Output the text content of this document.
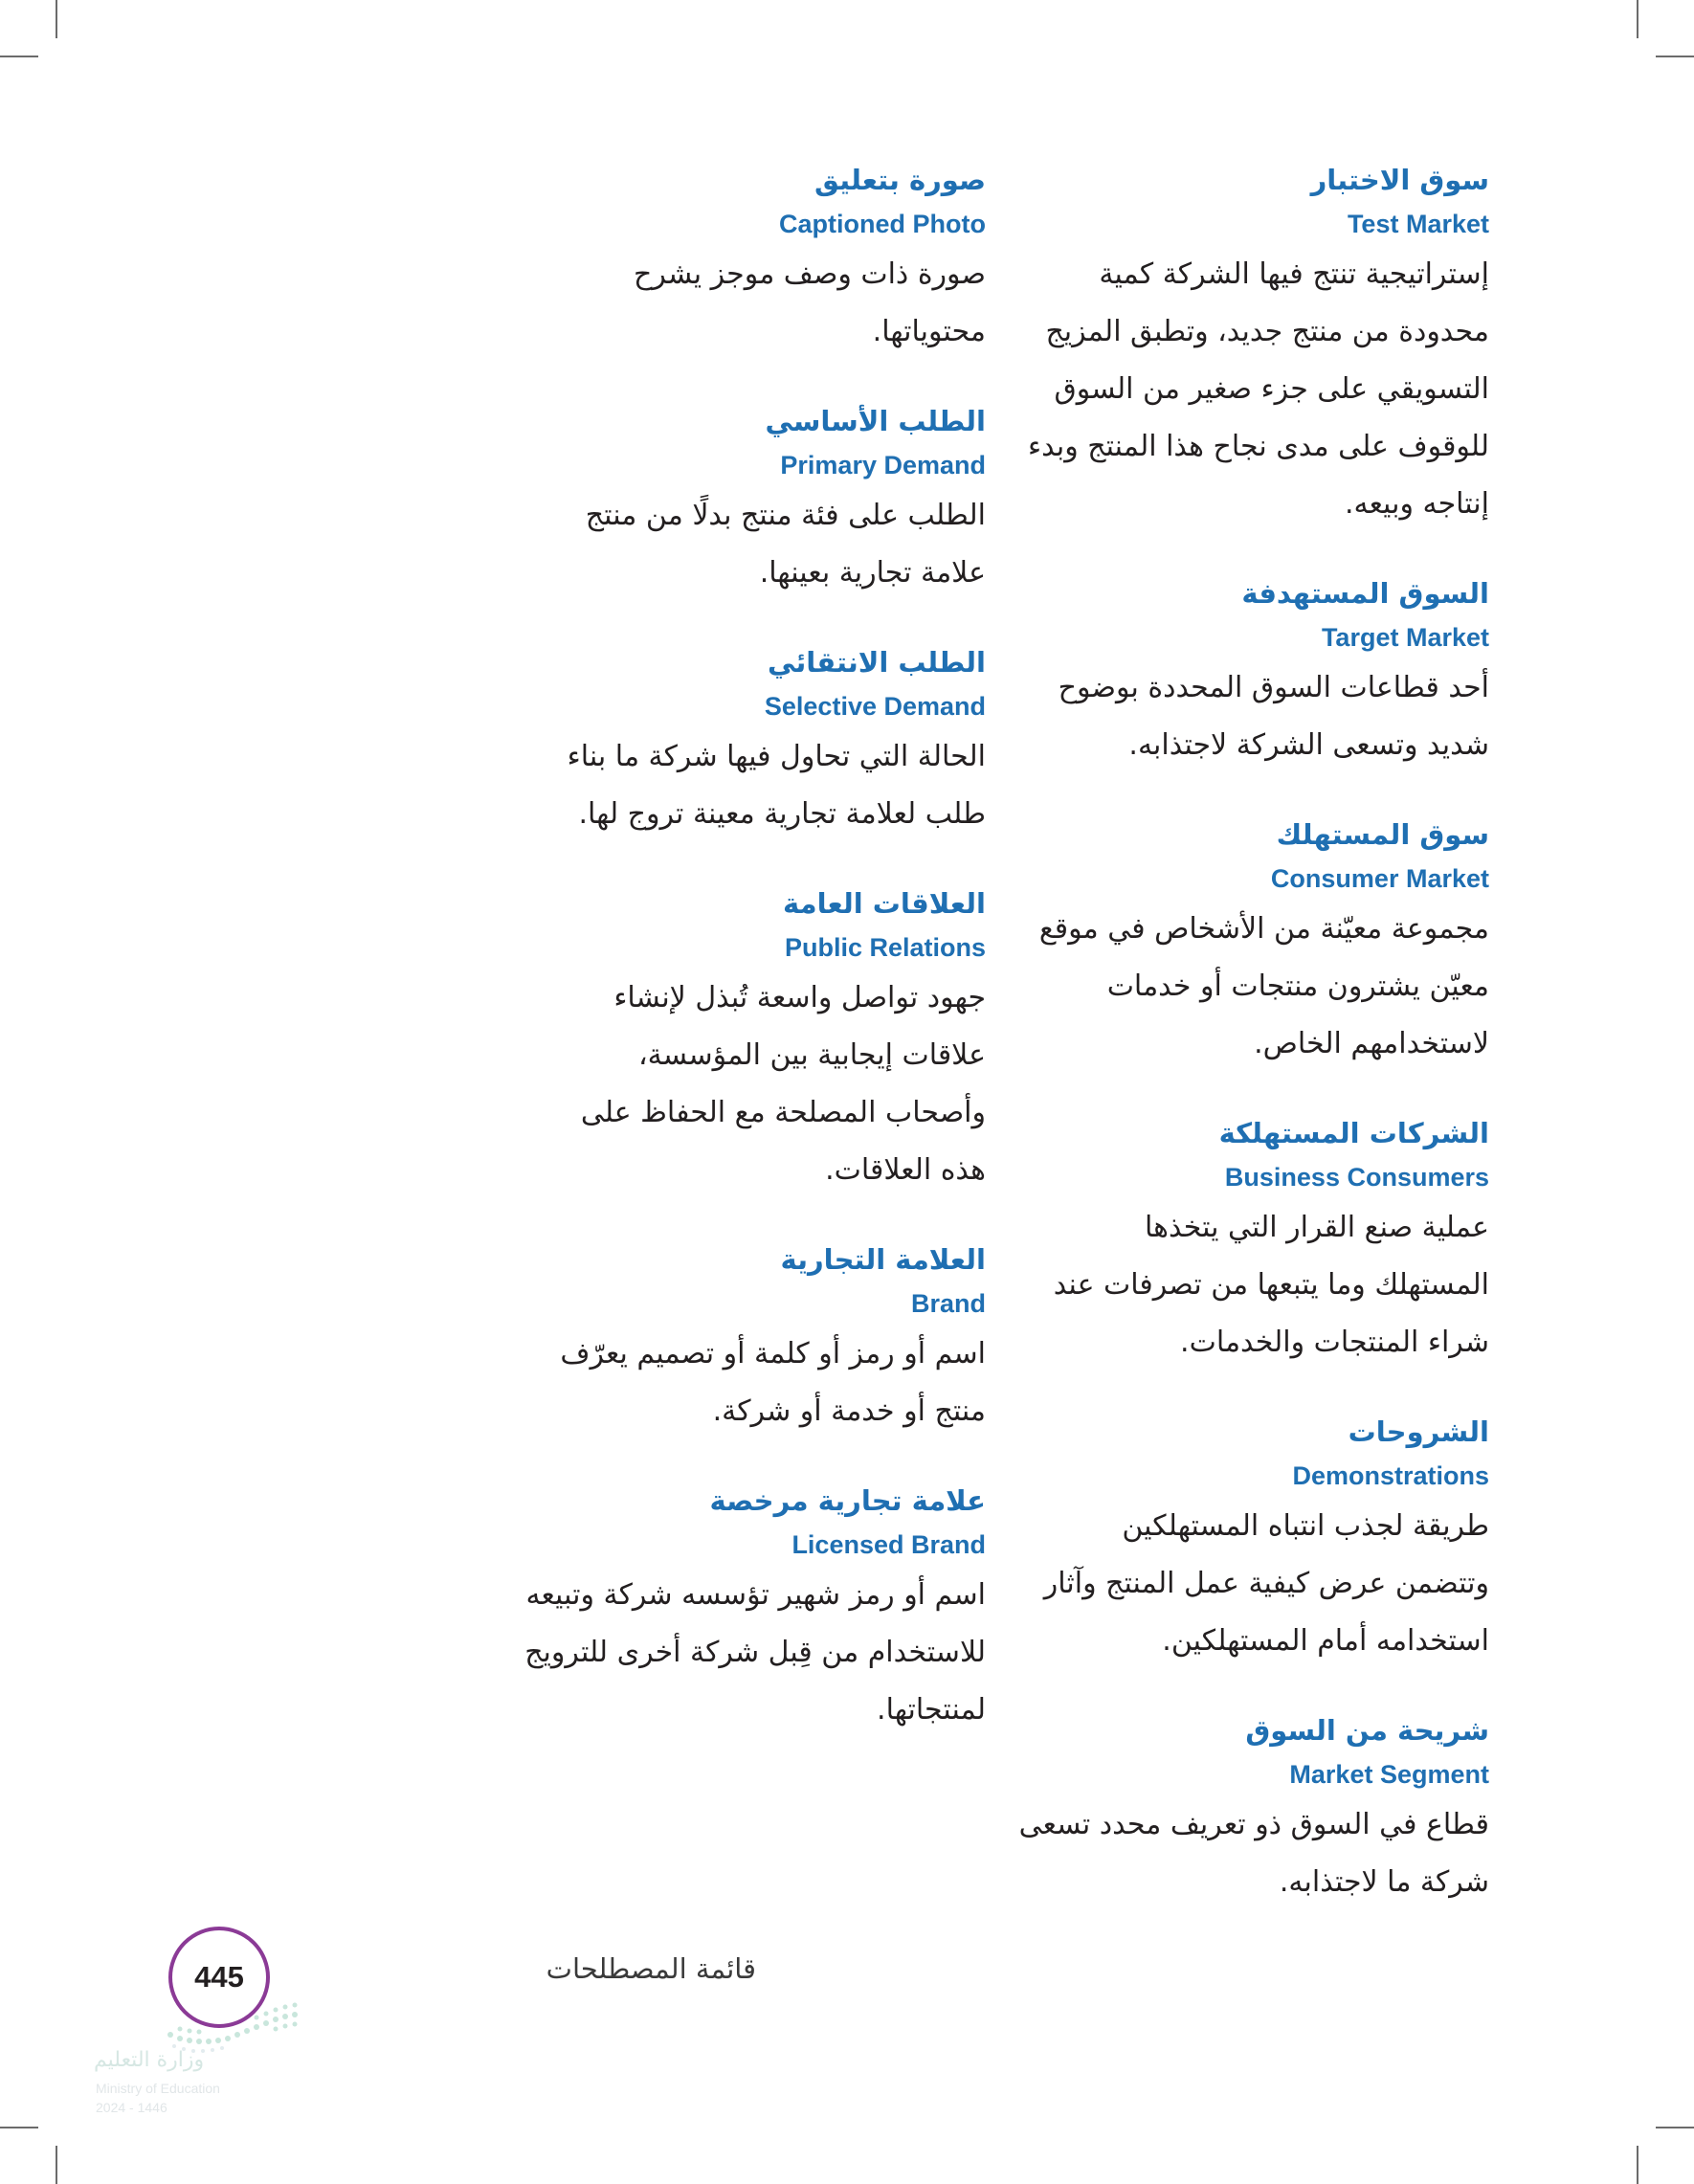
سوق الاختبار
Test Market
إستراتيجية تنتج فيها الشركة كمية
محدودة من منتج جديد، وتطبق المزيج
التسويقي على جزء صغير من السوق
للوقوف على مدى نجاح هذا المنتج وبدء
إنتاجه وبيعه.
السوق المستهدفة
Target Market
أحد قطاعات السوق المحددة بوضوح
شديد وتسعى الشركة لاجتذابه.
سوق المستهلك
Consumer Market
مجموعة معيّنة من الأشخاص في موقع
معيّن يشترون منتجات أو خدمات
لاستخدامهم الخاص.
الشركات المستهلكة
Business Consumers
عملية صنع القرار التي يتخذها
المستهلك وما يتبعها من تصرفات عند
شراء المنتجات والخدمات.
الشروحات
Demonstrations
طريقة لجذب انتباه المستهلكين
وتتضمن عرض كيفية عمل المنتج وآثار
استخدامه أمام المستهلكين.
شريحة من السوق
Market Segment
قطاع في السوق ذو تعريف محدد تسعى
شركة ما لاجتذابه.
صورة بتعليق
Captioned Photo
صورة ذات وصف موجز يشرح
محتوياتها.
الطلب الأساسي
Primary Demand
الطلب على فئة منتج بدلًا من منتج
علامة تجارية بعينها.
الطلب الانتقائي
Selective Demand
الحالة التي تحاول فيها شركة ما بناء
طلب لعلامة تجارية معينة تروج لها.
العلاقات العامة
Public Relations
جهود تواصل واسعة تُبذل لإنشاء
علاقات إيجابية بين المؤسسة،
وأصحاب المصلحة مع الحفاظ على
هذه العلاقات.
العلامة التجارية
Brand
اسم أو رمز أو كلمة أو تصميم يعرّف
منتج أو خدمة أو شركة.
علامة تجارية مرخصة
Licensed Brand
اسم أو رمز شهير تؤسسه شركة وتبيعه
للاستخدام من قِبل شركة أخرى للترويج
لمنتجاتها.
قائمة المصطلحات
وزارة التعليم
Ministry of Education
2024 - 1446
445
